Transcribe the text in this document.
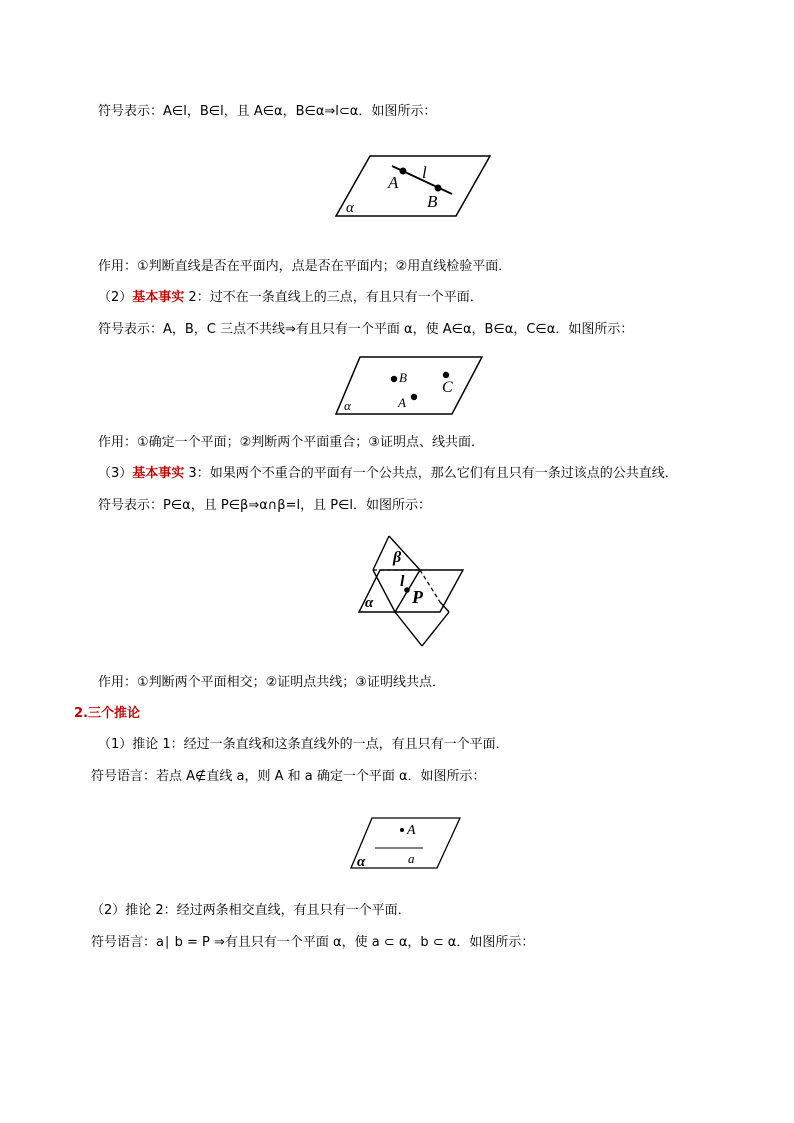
符号表示：A∈l，B∈l，且 A∈α，B∈α⇒l⊂α．如图所示：
A
l
B
α
作用：①判断直线是否在平面内，点是否在平面内；②用直线检验平面．
（2）基本事实 2：过不在一条直线上的三点，有且只有一个平面．
符号表示：A，B，C 三点不共线⇒有且只有一个平面 α，使 A∈α，B∈α，C∈α．如图所示：
B
C
A
α
作用：①确定一个平面；②判断两个平面重合；③证明点、线共面．
（3）基本事实 3：如果两个不重合的平面有一个公共点，那么它们有且只有一条过该点的公共直线．
符号表示：P∈α，且 P∈β⇒α∩β=l，且 P∈l．如图所示：
β
l
P
α
作用：①判断两个平面相交；②证明点共线；③证明线共点．
2.三个推论
（1）推论 1：经过一条直线和这条直线外的一点，有且只有一个平面．
符号语言：若点 A∉直线 a，则 A 和 a 确定一个平面 α．如图所示：
A
a
α
（2）推论 2：经过两条相交直线，有且只有一个平面．
符号语言：a∣ b = P ⇒有且只有一个平面 α，使 a ⊂ α，b ⊂ α．如图所示：
